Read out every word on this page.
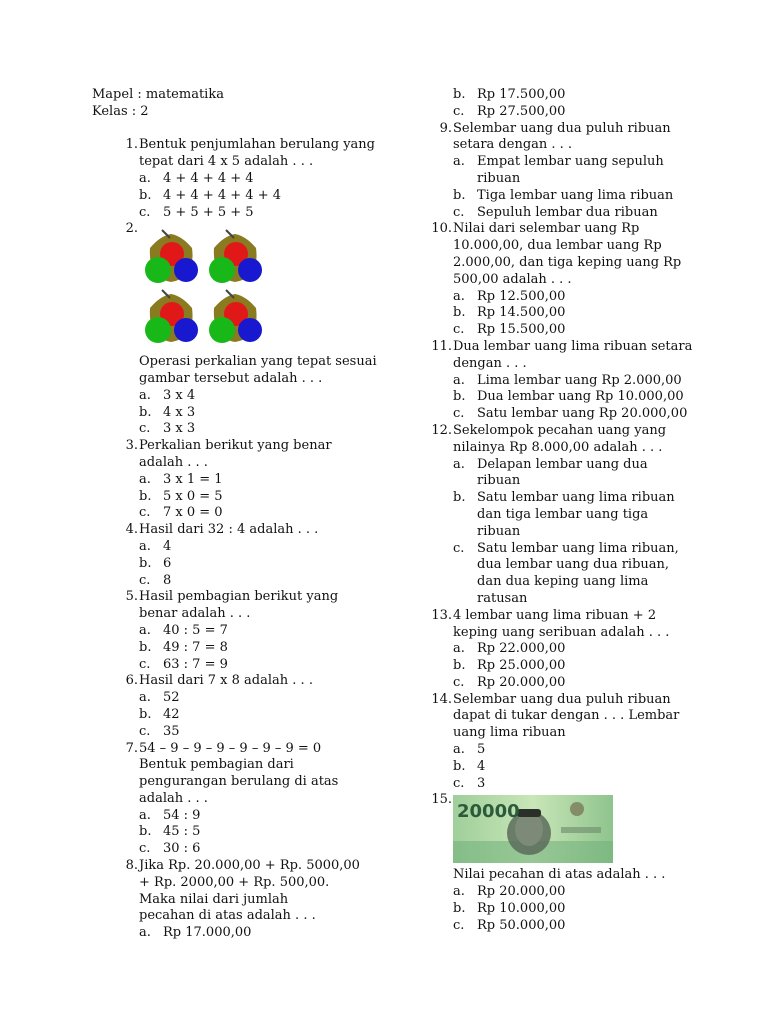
Mapel : matematika
Kelas : 2
1. Bentuk penjumlahan berulang yang
tepat dari 4 x 5 adalah . . .
a. 4 + 4 + 4 + 4
b. 4 + 4 + 4 + 4 + 4
c. 5 + 5 + 5 + 5
2.
Operasi perkalian yang tepat sesuai
gambar tersebut adalah . . .
a. 3 x 4
b. 4 x 3
c. 3 x 3
3. Perkalian berikut yang benar
adalah . . .
a. 3 x 1 = 1
b. 5 x 0 = 5
c. 7 x 0 = 0
4. Hasil dari 32 : 4 adalah . . .
a. 4
b. 6
c. 8
5. Hasil pembagian berikut yang
benar adalah . . .
a. 40 : 5 = 7
b. 49 : 7 = 8
c. 63 : 7 = 9
6. Hasil dari 7 x 8 adalah . . .
a. 52
b. 42
c. 35
7. 54 – 9 – 9 – 9 – 9 – 9 – 9 = 0
Bentuk pembagian dari
pengurangan berulang di atas
adalah . . .
a. 54 : 9
b. 45 : 5
c. 30 : 6
8. Jika Rp. 20.000,00 + Rp. 5000,00
+ Rp. 2000,00 + Rp. 500,00.
Maka nilai dari jumlah
pecahan di atas adalah . . .
a. Rp 17.000,00
b. Rp 17.500,00
c. Rp 27.500,00
9. Selembar uang dua puluh ribuan
setara dengan . . .
a. Empat lembar uang sepuluh
ribuan
b. Tiga lembar uang lima ribuan
c. Sepuluh lembar dua ribuan
10. Nilai dari selembar uang Rp
10.000,00, dua lembar uang Rp
2.000,00, dan tiga keping uang Rp
500,00 adalah . . .
a. Rp 12.500,00
b. Rp 14.500,00
c. Rp 15.500,00
11. Dua lembar uang lima ribuan setara
dengan . . .
a. Lima lembar uang Rp 2.000,00
b. Dua lembar uang Rp 10.000,00
c. Satu lembar uang Rp 20.000,00
12. Sekelompok pecahan uang yang
nilainya Rp 8.000,00 adalah . . .
a. Delapan lembar uang dua
ribuan
b. Satu lembar uang lima ribuan
dan tiga lembar uang tiga
ribuan
c. Satu lembar uang lima ribuan,
dua lembar uang dua ribuan,
dan dua keping uang lima
ratusan
13. 4 lembar uang lima ribuan + 2
keping uang seribuan adalah . . .
a. Rp 22.000,00
b. Rp 25.000,00
c. Rp 20.000,00
14. Selembar uang dua puluh ribuan
dapat di tukar dengan . . . Lembar
uang lima ribuan
a. 5
b. 4
c. 3
15.
Nilai pecahan di atas adalah . . .
a. Rp 20.000,00
b. Rp 10.000,00
c. Rp 50.000,00
20000
